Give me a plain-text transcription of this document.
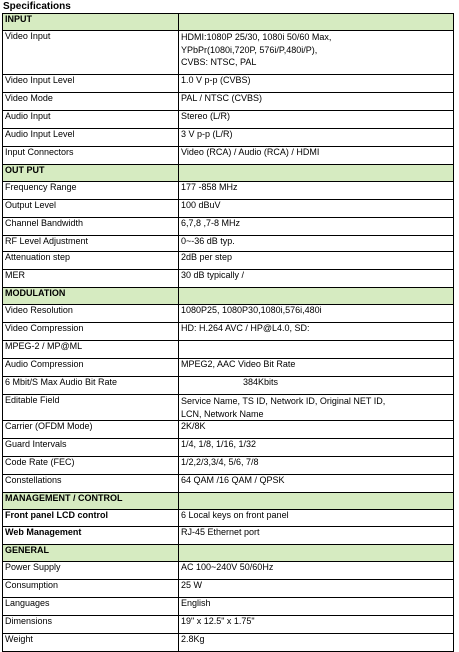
Specifications
INPUT	
Video Input	HDMI:1080P 25/30, 1080i 50/60 Max,
YPbPr(1080i,720P, 576i/P,480i/P),
CVBS: NTSC, PAL
Video Input Level	1.0 V p-p (CVBS)
Video Mode	PAL / NTSC (CVBS)
Audio Input	Stereo (L/R)
Audio Input Level	3 V p-p (L/R)
Input Connectors	Video (RCA) / Audio (RCA) / HDMI
OUT PUT	
Frequency Range	177 -858 MHz
Output Level	100 dBuV
Channel Bandwidth	6,7,8 ,7-8 MHz
RF Level Adjustment	0~-36 dB typ.
Attenuation step	2dB per step
MER	30 dB typically /
MODULATION	
Video Resolution	1080P25, 1080P30,1080i,576i,480i
Video Compression	HD: H.264 AVC / HP@L4.0, SD:
MPEG-2 / MP@ML	
Audio Compression	MPEG2, AAC Video Bit Rate
6 Mbit/S Max Audio Bit Rate	384Kbits
Editable Field	Service Name, TS ID, Network ID, Original NET ID,
LCN, Network Name
Carrier (OFDM Mode)	2K/8K
Guard Intervals	1/4, 1/8, 1/16, 1/32
Code Rate (FEC)	1/2,2/3,3/4, 5/6, 7/8
Constellations	64 QAM /16 QAM / QPSK
MANAGEMENT / CONTROL	
Front panel LCD control	6 Local keys on front panel
Web Management	RJ-45 Ethernet port
GENERAL	
Power Supply	AC 100~240V 50/60Hz
Consumption	25 W
Languages	English
Dimensions	19" x 12.5" x 1.75"
Weight	2.8Kg
